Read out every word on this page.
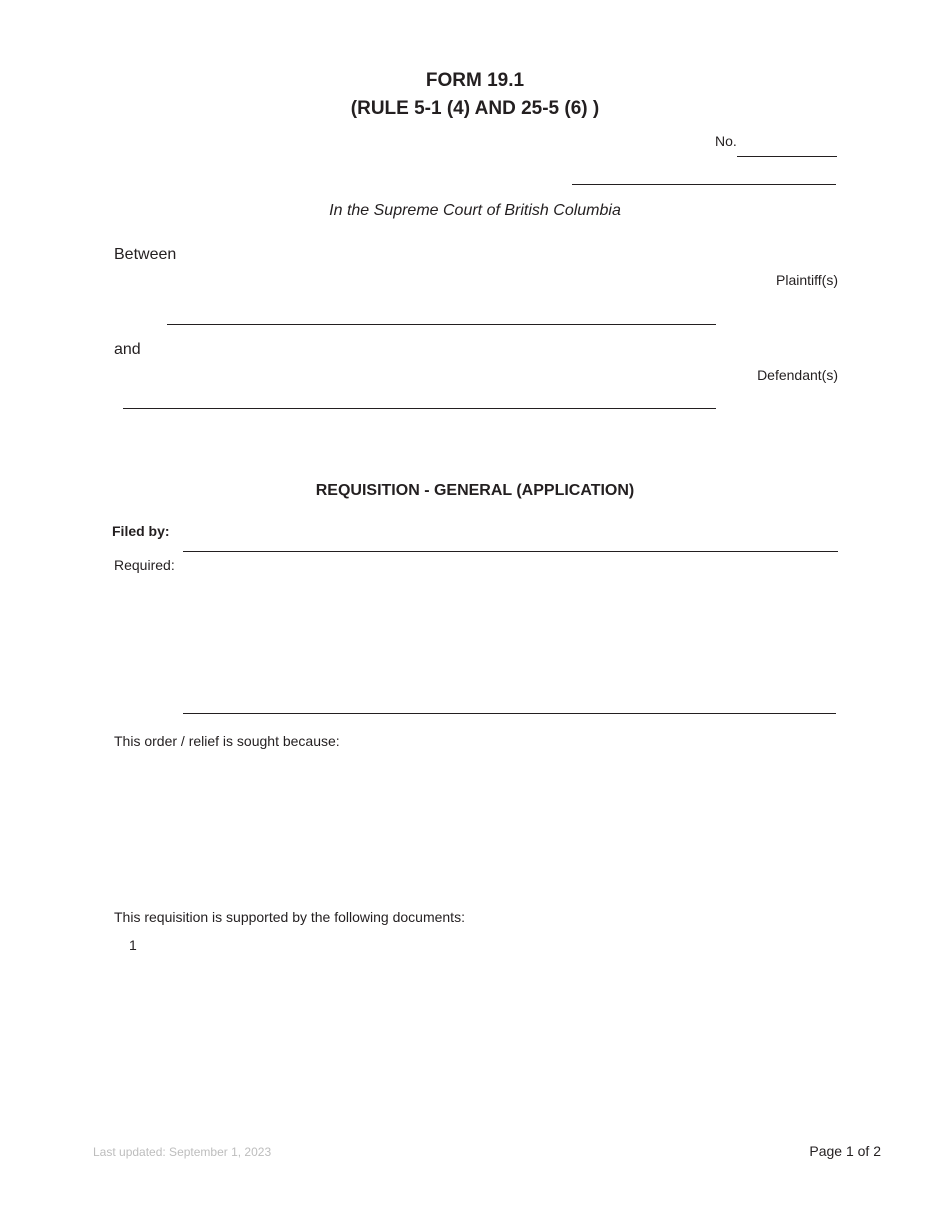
FORM 19.1
(RULE 5-1 (4) AND 25-5 (6) )
No.
In the Supreme Court of British Columbia
Between
Plaintiff(s)
and
Defendant(s)
REQUISITION - GENERAL (APPLICATION)
Filed by:
Required:
This order / relief is sought because:
This requisition is supported by the following documents:
1
Last updated: September 1, 2023	Page 1 of 2
